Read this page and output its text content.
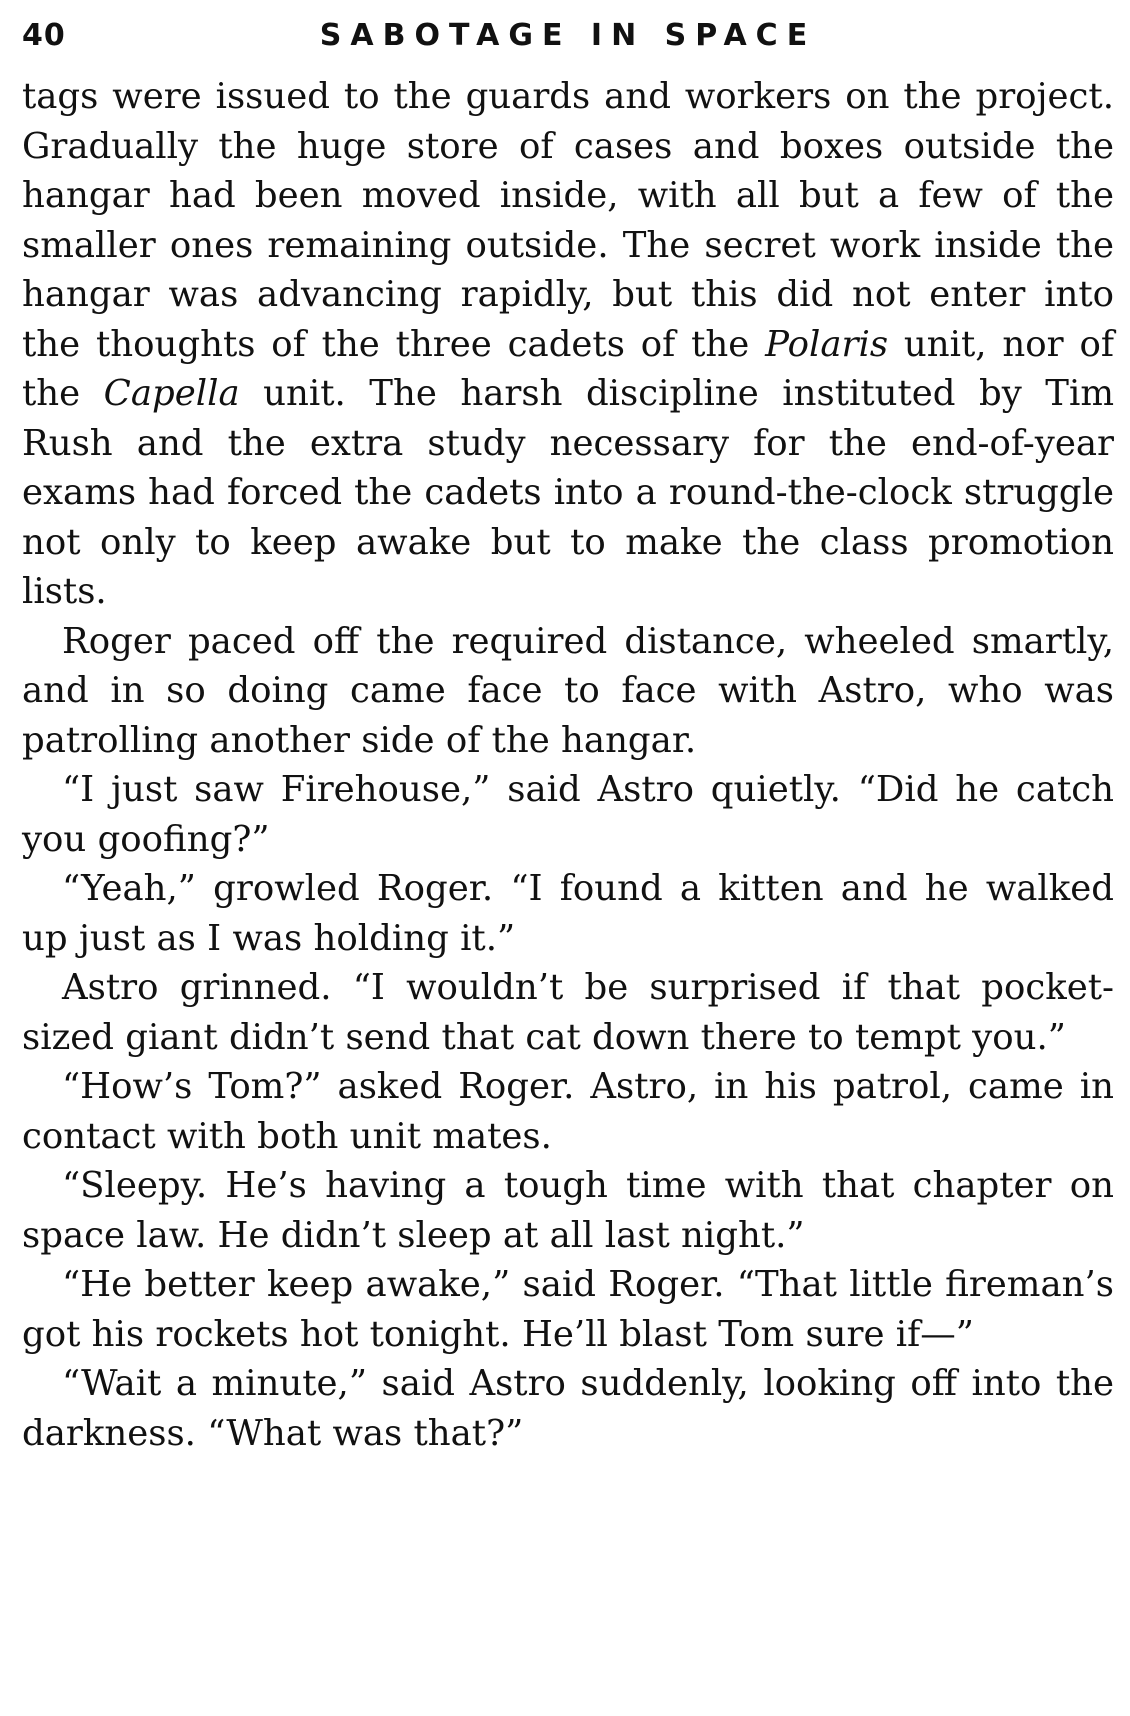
40	SABOTAGE IN SPACE

tags were issued to the guards and workers on the project. Gradually the huge store of cases and boxes outside the hangar had been moved inside, with all but a few of the smaller ones remaining outside. The secret work inside the hangar was advancing rapidly, but this did not enter into the thoughts of the three cadets of the Polaris unit, nor of the Capella unit. The harsh discipline instituted by Tim Rush and the extra study necessary for the end-of-year exams had forced the cadets into a round-the-clock struggle not only to keep awake but to make the class promotion lists.

Roger paced off the required distance, wheeled smartly, and in so doing came face to face with Astro, who was patrolling another side of the hangar.

“I just saw Firehouse,” said Astro quietly. “Did he catch you goofing?”

“Yeah,” growled Roger. “I found a kitten and he walked up just as I was holding it.”

Astro grinned. “I wouldn’t be surprised if that pocket-sized giant didn’t send that cat down there to tempt you.”

“How’s Tom?” asked Roger. Astro, in his patrol, came in contact with both unit mates.

“Sleepy. He’s having a tough time with that chapter on space law. He didn’t sleep at all last night.”

“He better keep awake,” said Roger. “That little fireman’s got his rockets hot tonight. He’ll blast Tom sure if—”

“Wait a minute,” said Astro suddenly, looking off into the darkness. “What was that?”
